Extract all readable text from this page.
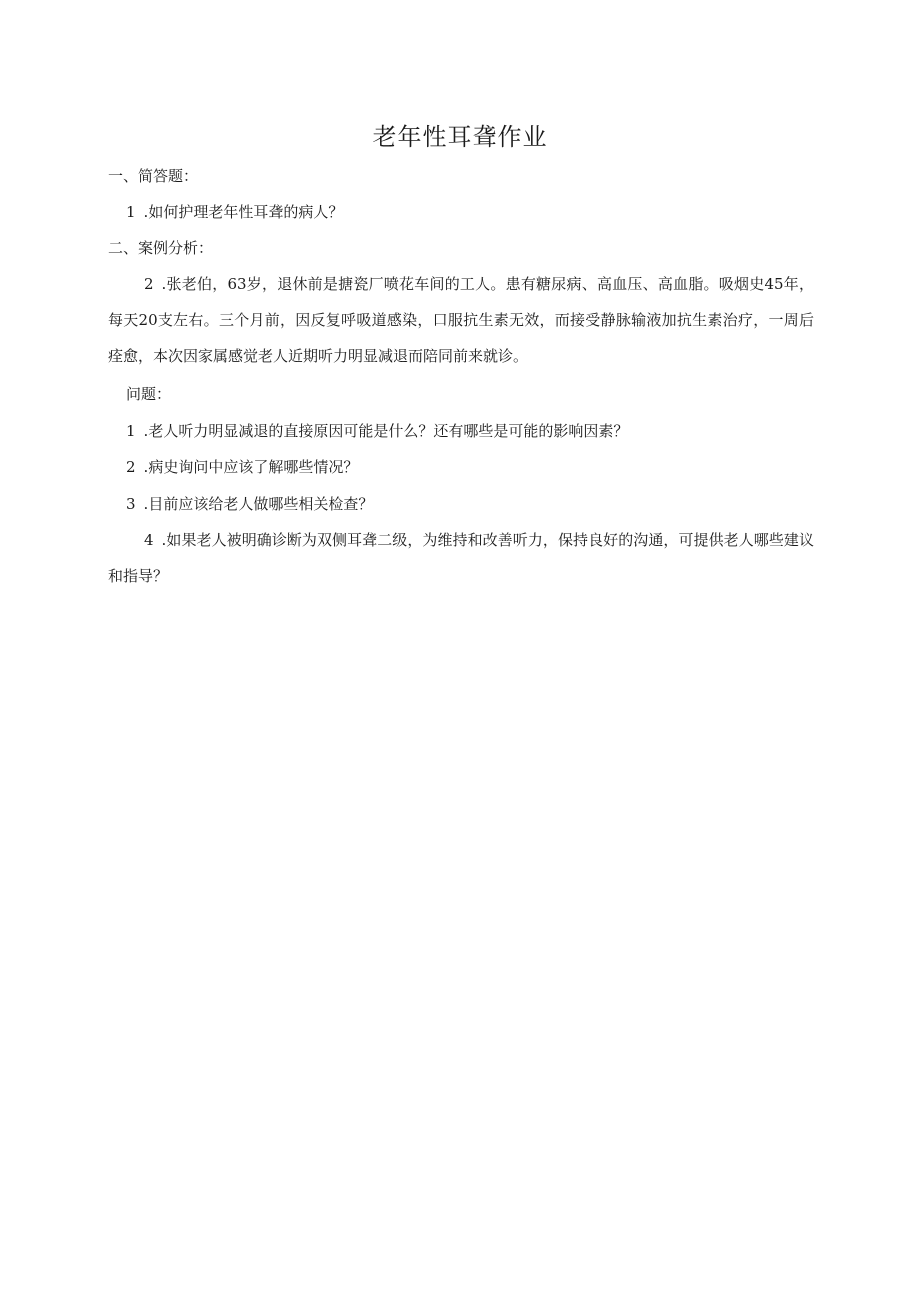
老年性耳聋作业
一、简答题：
1 .如何护理老年性耳聋的病人？
二、案例分析：
2 .张老伯，63岁，退休前是搪瓷厂喷花车间的工人。患有糖尿病、高血压、高血脂。吸烟史45年，每天20支左右。三个月前，因反复呼吸道感染，口服抗生素无效，而接受静脉输液加抗生素治疗，一周后痊愈，本次因家属感觉老人近期听力明显减退而陪同前来就诊。
问题：
1 .老人听力明显减退的直接原因可能是什么？还有哪些是可能的影响因素？
2 .病史询问中应该了解哪些情况？
3 .目前应该给老人做哪些相关检查？
4 .如果老人被明确诊断为双侧耳聋二级，为维持和改善听力，保持良好的沟通，可提供老人哪些建议和指导？
